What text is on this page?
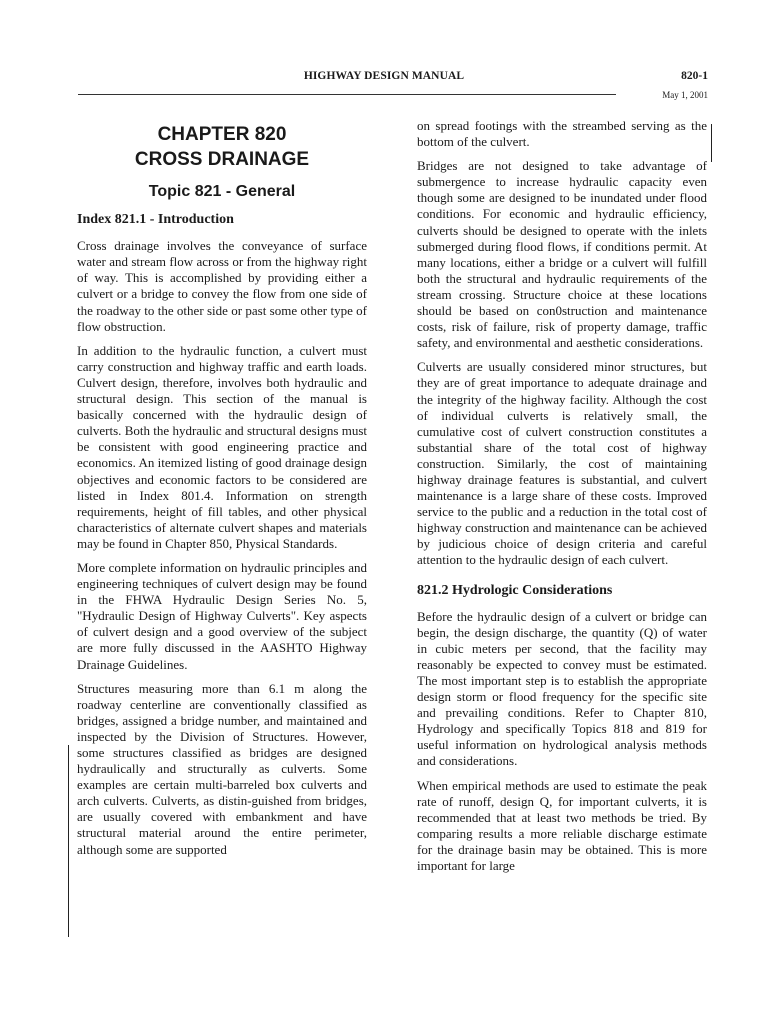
HIGHWAY DESIGN MANUAL	820-1
May 1, 2001
CHAPTER 820
CROSS DRAINAGE
Topic 821 - General
Index 821.1 - Introduction

Cross drainage involves the conveyance of surface water and stream flow across or from the highway right of way. This is accomplished by providing either a culvert or a bridge to convey the flow from one side of the roadway to the other side or past some other type of flow obstruction.

In addition to the hydraulic function, a culvert must carry construction and highway traffic and earth loads. Culvert design, therefore, involves both hydraulic and structural design. This section of the manual is basically concerned with the hydraulic design of culverts. Both the hydraulic and structural designs must be consistent with good engineering practice and economics. An itemized listing of good drainage design objectives and economic factors to be considered are listed in Index 801.4. Information on strength requirements, height of fill tables, and other physical characteristics of alternate culvert shapes and materials may be found in Chapter 850, Physical Standards.

More complete information on hydraulic principles and engineering techniques of culvert design may be found in the FHWA Hydraulic Design Series No. 5, "Hydraulic Design of Highway Culverts". Key aspects of culvert design and a good overview of the subject are more fully discussed in the AASHTO Highway Drainage Guidelines.

Structures measuring more than 6.1 m along the roadway centerline are conventionally classified as bridges, assigned a bridge number, and maintained and inspected by the Division of Structures. However, some structures classified as bridges are designed hydraulically and structurally as culverts. Some examples are certain multi-barreled box culverts and arch culverts. Culverts, as distin-guished from bridges, are usually covered with embankment and have structural material around the entire perimeter, although some are supported

on spread footings with the streambed serving as the bottom of the culvert.

Bridges are not designed to take advantage of submergence to increase hydraulic capacity even though some are designed to be inundated under flood conditions. For economic and hydraulic efficiency, culverts should be designed to operate with the inlets submerged during flood flows, if conditions permit. At many locations, either a bridge or a culvert will fulfill both the structural and hydraulic requirements of the stream crossing. Structure choice at these locations should be based on con0struction and maintenance costs, risk of failure, risk of property damage, traffic safety, and environmental and aesthetic considerations.

Culverts are usually considered minor structures, but they are of great importance to adequate drainage and the integrity of the highway facility. Although the cost of individual culverts is relatively small, the cumulative cost of culvert construction constitutes a substantial share of the total cost of highway construction. Similarly, the cost of maintaining highway drainage features is substantial, and culvert maintenance is a large share of these costs. Improved service to the public and a reduction in the total cost of highway construction and maintenance can be achieved by judicious choice of design criteria and careful attention to the hydraulic design of each culvert.

821.2 Hydrologic Considerations

Before the hydraulic design of a culvert or bridge can begin, the design discharge, the quantity (Q) of water in cubic meters per second, that the facility may reasonably be expected to convey must be estimated. The most important step is to establish the appropriate design storm or flood frequency for the specific site and prevailing conditions. Refer to Chapter 810, Hydrology and specifically Topics 818 and 819 for useful information on hydrological analysis methods and considerations.

When empirical methods are used to estimate the peak rate of runoff, design Q, for important culverts, it is recommended that at least two methods be tried. By comparing results a more reliable discharge estimate for the drainage basin may be obtained. This is more important for large
